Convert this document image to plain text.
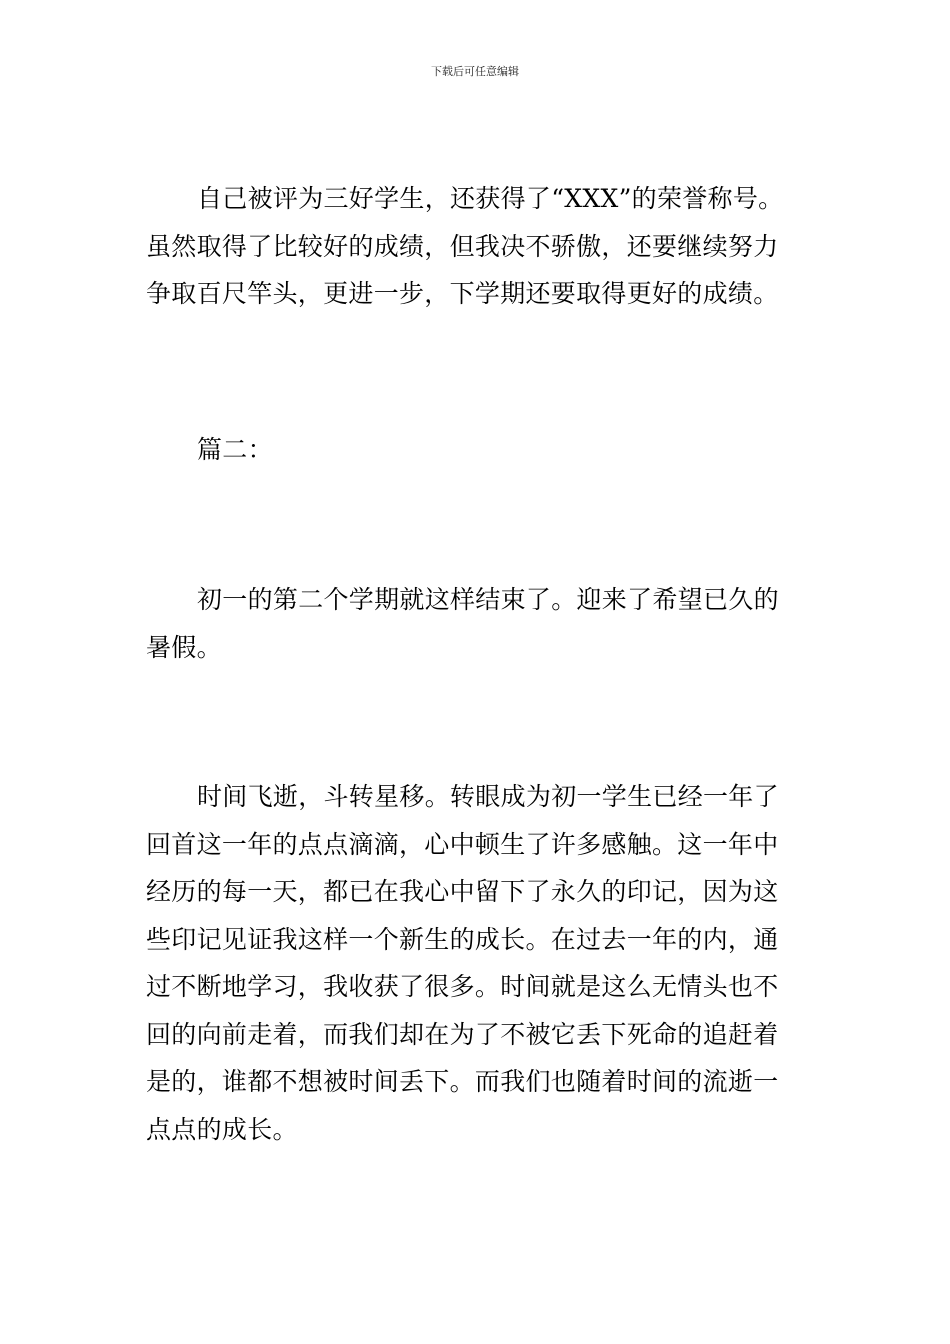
下载后可任意编辑
自己被评为三好学生，还获得了“XXX”的荣誉称号。
虽然取得了比较好的成绩，但我决不骄傲，还要继续努力
争取百尺竿头，更进一步，下学期还要取得更好的成绩。
篇二：
初一的第二个学期就这样结束了。迎来了希望已久的
暑假。
时间飞逝，斗转星移。转眼成为初一学生已经一年了
回首这一年的点点滴滴，心中顿生了许多感触。这一年中
经历的每一天，都已在我心中留下了永久的印记，因为这
些印记见证我这样一个新生的成长。在过去一年的内，通
过不断地学习，我收获了很多。时间就是这么无情头也不
回的向前走着，而我们却在为了不被它丢下死命的追赶着
是的，谁都不想被时间丢下。而我们也随着时间的流逝一
点点的成长。
